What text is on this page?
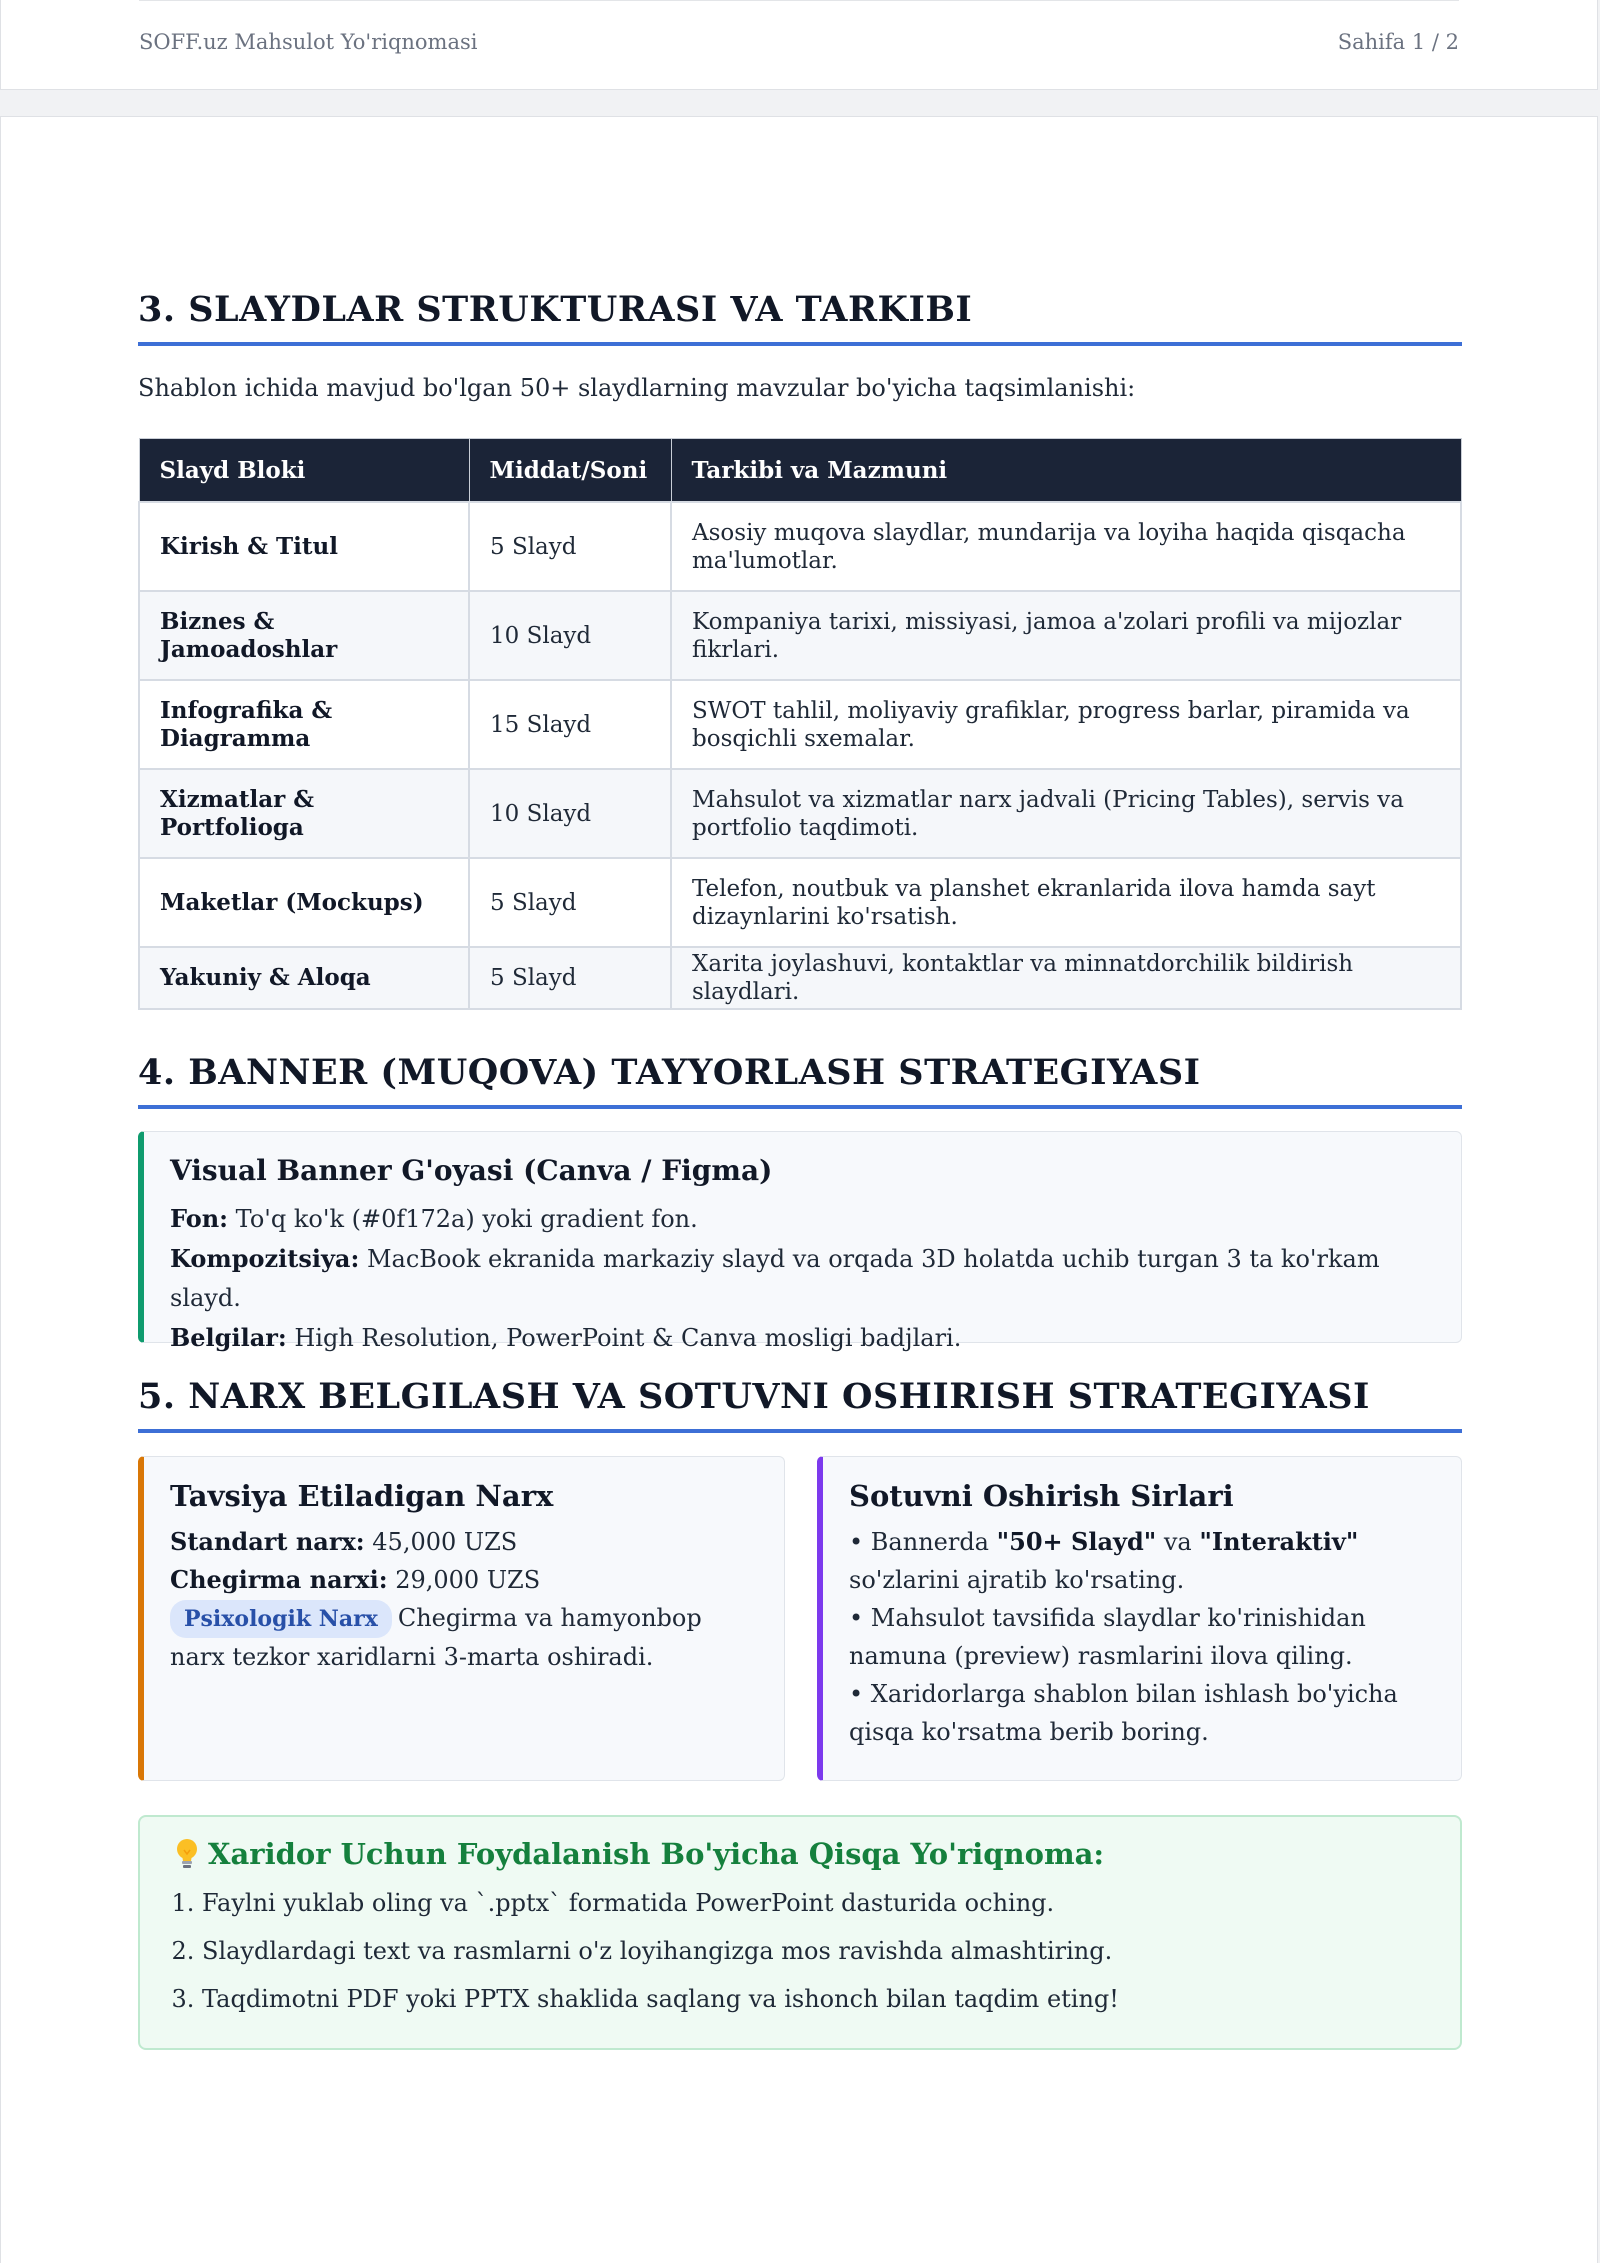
SOFF.uz Mahsulot Yo'riqnomasi	Sahifa 1 / 2
3. SLAYDLAR STRUKTURASI VA TARKIBI
Shablon ichida mavjud bo'lgan 50+ slaydlarning mavzular bo'yicha taqsimlanishi:
Slayd Bloki	Middat/Soni	Tarkibi va Mazmuni
Kirish & Titul	5 Slayd	Asosiy muqova slaydlar, mundarija va loyiha haqida qisqacha ma'lumotlar.
Biznes & Jamoadoshlar	10 Slayd	Kompaniya tarixi, missiyasi, jamoa a'zolari profili va mijozlar fikrlari.
Infografika & Diagramma	15 Slayd	SWOT tahlil, moliyaviy grafiklar, progress barlar, piramida va bosqichli sxemalar.
Xizmatlar & Portfolioga	10 Slayd	Mahsulot va xizmatlar narx jadvali (Pricing Tables), servis va portfolio taqdimoti.
Maketlar (Mockups)	5 Slayd	Telefon, noutbuk va planshet ekranlarida ilova hamda sayt dizaynlarini ko'rsatish.
Yakuniy & Aloqa	5 Slayd	Xarita joylashuvi, kontaktlar va minnatdorchilik bildirish slaydlari.
4. BANNER (MUQOVA) TAYYORLASH STRATEGIYASI
Visual Banner G'oyasi (Canva / Figma)
Fon: To'q ko'k (#0f172a) yoki gradient fon.
Kompozitsiya: MacBook ekranida markaziy slayd va orqada 3D holatda uchib turgan 3 ta ko'rkam slayd.
Belgilar: High Resolution, PowerPoint & Canva mosligi badjlari.
5. NARX BELGILASH VA SOTUVNI OSHIRISH STRATEGIYASI
Tavsiya Etiladigan Narx
Standart narx: 45,000 UZS
Chegirma narxi: 29,000 UZS
Psixologik Narx Chegirma va hamyonbop narx tezkor xaridlarni 3-marta oshiradi.
Sotuvni Oshirish Sirlari
• Bannerda "50+ Slayd" va "Interaktiv" so'zlarini ajratib ko'rsating.
• Mahsulot tavsifida slaydlar ko'rinishidan namuna (preview) rasmlarini ilova qiling.
• Xaridorlarga shablon bilan ishlash bo'yicha qisqa ko'rsatma berib boring.
Xaridor Uchun Foydalanish Bo'yicha Qisqa Yo'riqnoma:
1. Faylni yuklab oling va `.pptx` formatida PowerPoint dasturida oching.
2. Slaydlardagi text va rasmlarni o'z loyihangizga mos ravishda almashtiring.
3. Taqdimotni PDF yoki PPTX shaklida saqlang va ishonch bilan taqdim eting!
